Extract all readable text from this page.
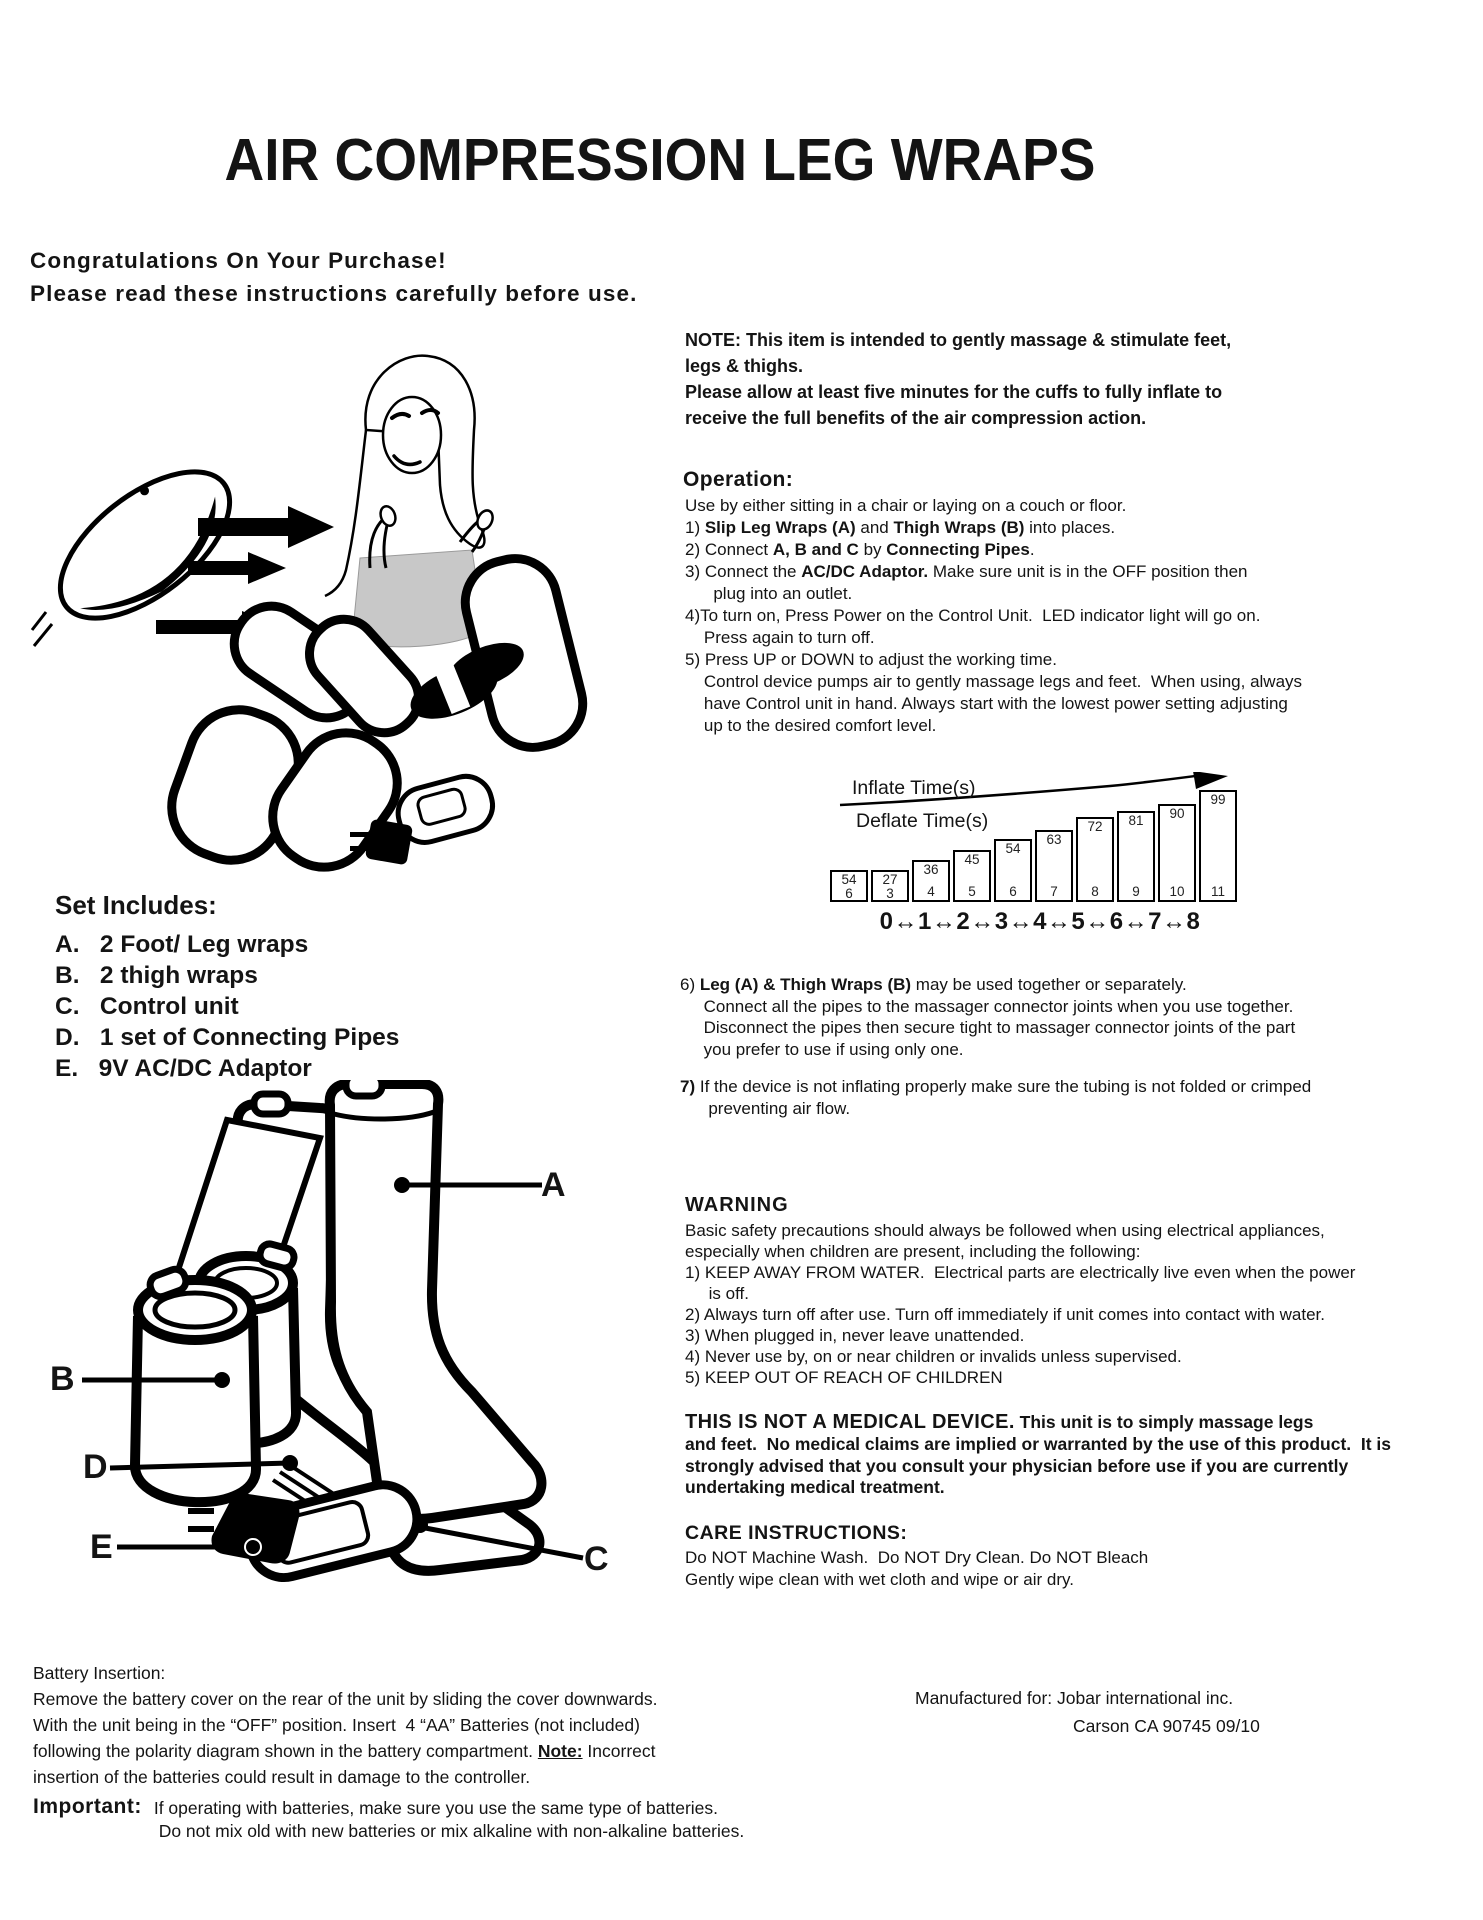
AIR COMPRESSION LEG WRAPS
Congratulations On Your Purchase!
Please read these instructions carefully before use.
NOTE: This item is intended to gently massage & stimulate feet,
legs & thighs.
Please allow at least five minutes for the cuffs to fully inflate to
receive the full benefits of the air compression action.
Operation:
Use by either sitting in a chair or laying on a couch or floor.
1) Slip Leg Wraps (A) and Thigh Wraps (B) into places.
2) Connect A, B and C by Connecting Pipes.
3) Connect the AC/DC Adaptor. Make sure unit is in the OFF position then
plug into an outlet.
4)To turn on, Press Power on the Control Unit.  LED indicator light will go on.
Press again to turn off.
5) Press UP or DOWN to adjust the working time.
Control device pumps air to gently massage legs and feet.  When using, always
have Control unit in hand. Always start with the lowest power setting adjusting
up to the desired comfort level.
Inflate Time(s)
Deflate Time(s)
54
6
27
3
36
4
45
5
54
6
63
7
72
8
81
9
90
10
99
11
0↔1↔2↔3↔4↔5↔6↔7↔8
6) Leg (A) & Thigh Wraps (B) may be used together or separately.
Connect all the pipes to the massager connector joints when you use together.
Disconnect the pipes then secure tight to massager connector joints of the part
you prefer to use if using only one.
7) If the device is not inflating properly make sure the tubing is not folded or crimped
preventing air flow.
WARNING
Basic safety precautions should always be followed when using electrical appliances,
especially when children are present, including the following:
1) KEEP AWAY FROM WATER.  Electrical parts are electrically live even when the power
is off.
2) Always turn off after use. Turn off immediately if unit comes into contact with water.
3) When plugged in, never leave unattended.
4) Never use by, on or near children or invalids unless supervised.
5) KEEP OUT OF REACH OF CHILDREN
THIS IS NOT A MEDICAL DEVICE. This unit is to simply massage legs
and feet.  No medical claims are implied or warranted by the use of this product.  It is
strongly advised that you consult your physician before use if you are currently
undertaking medical treatment.
CARE INSTRUCTIONS:
Do NOT Machine Wash.  Do NOT Dry Clean. Do NOT Bleach
Gently wipe clean with wet cloth and wipe or air dry.
Set Includes:
A.   2 Foot/ Leg wraps
B.   2 thigh wraps
C.   Control unit
D.   1 set of Connecting Pipes
E.   9V AC/DC Adaptor
A
B
D
E	C
Battery Insertion:
Remove the battery cover on the rear of the unit by sliding the cover downwards.
With the unit being in the “OFF” position. Insert  4 “AA” Batteries (not included)
following the polarity diagram shown in the battery compartment. Note: Incorrect
insertion of the batteries could result in damage to the controller.
Manufactured for: Jobar international inc.
Carson CA 90745 09/10
Important: If operating with batteries, make sure you use the same type of batteries.
Do not mix old with new batteries or mix alkaline with non-alkaline batteries.
